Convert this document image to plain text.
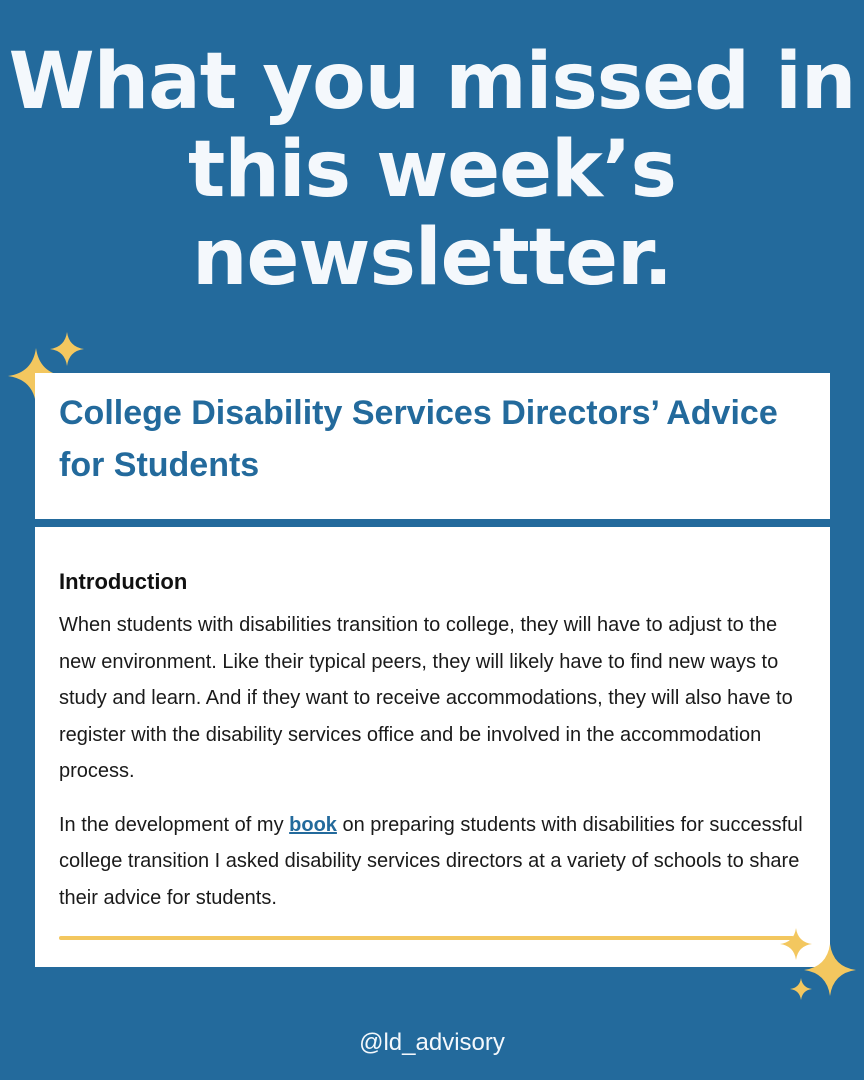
What you missed in this week’s newsletter.
College Disability Services Directors’ Advice for Students
Introduction

When students with disabilities transition to college, they will have to adjust to the new environment. Like their typical peers, they will likely have to find new ways to study and learn. And if they want to receive accommodations, they will also have to register with the disability services office and be involved in the accommodation process.

In the development of my book on preparing students with disabilities for successful college transition I asked disability services directors at a variety of schools to share their advice for students.

@ld_advisory
